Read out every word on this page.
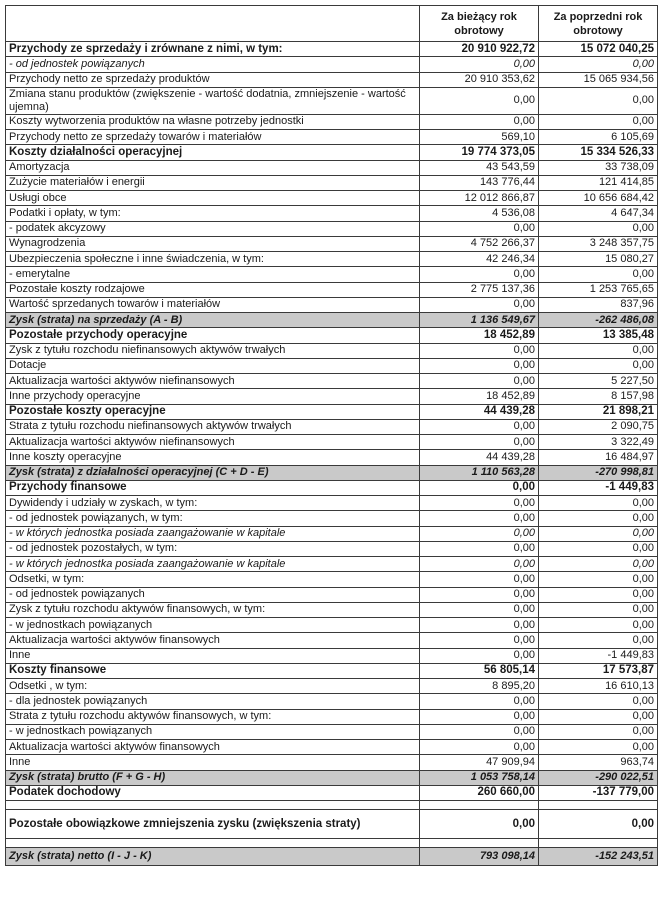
	Za bieżący rok obrotowy	Za poprzedni rok obrotowy
Przychody ze sprzedaży i zrównane z nimi, w tym:	20 910 922,72	15 072 040,25
- od jednostek powiązanych	0,00	0,00
Przychody netto ze sprzedaży produktów	20 910 353,62	15 065 934,56
Zmiana stanu produktów (zwiększenie - wartość dodatnia, zmniejszenie - wartość ujemna)	0,00	0,00
Koszty wytworzenia produktów na własne potrzeby jednostki	0,00	0,00
Przychody netto ze sprzedaży towarów i materiałów	569,10	6 105,69
Koszty działalności operacyjnej	19 774 373,05	15 334 526,33
Amortyzacja	43 543,59	33 738,09
Zużycie materiałów i energii	143 776,44	121 414,85
Usługi obce	12 012 866,87	10 656 684,42
Podatki i opłaty, w tym:	4 536,08	4 647,34
- podatek akcyzowy	0,00	0,00
Wynagrodzenia	4 752 266,37	3 248 357,75
Ubezpieczenia społeczne i inne świadczenia, w tym:	42 246,34	15 080,27
- emerytalne	0,00	0,00
Pozostałe koszty rodzajowe	2 775 137,36	1 253 765,65
Wartość sprzedanych towarów i materiałów	0,00	837,96
Zysk (strata) na sprzedaży (A - B)	1 136 549,67	-262 486,08
Pozostałe przychody operacyjne	18 452,89	13 385,48
Zysk z tytułu rozchodu niefinansowych aktywów trwałych	0,00	0,00
Dotacje	0,00	0,00
Aktualizacja wartości aktywów niefinansowych	0,00	5 227,50
Inne przychody operacyjne	18 452,89	8 157,98
Pozostałe koszty operacyjne	44 439,28	21 898,21
Strata z tytułu rozchodu niefinansowych aktywów trwałych	0,00	2 090,75
Aktualizacja wartości aktywów niefinansowych	0,00	3 322,49
Inne koszty operacyjne	44 439,28	16 484,97
Zysk (strata) z działalności operacyjnej (C + D - E)	1 110 563,28	-270 998,81
Przychody finansowe	0,00	-1 449,83
Dywidendy i udziały w zyskach, w tym:	0,00	0,00
- od jednostek powiązanych, w tym:	0,00	0,00
- w których jednostka posiada zaangażowanie w kapitale	0,00	0,00
- od jednostek pozostałych, w tym:	0,00	0,00
- w których jednostka posiada zaangażowanie w kapitale	0,00	0,00
Odsetki, w tym:	0,00	0,00
- od jednostek powiązanych	0,00	0,00
Zysk z tytułu rozchodu aktywów finansowych, w tym:	0,00	0,00
- w jednostkach powiązanych	0,00	0,00
Aktualizacja wartości aktywów finansowych	0,00	0,00
Inne	0,00	-1 449,83
Koszty finansowe	56 805,14	17 573,87
Odsetki , w tym:	8 895,20	16 610,13
- dla jednostek powiązanych	0,00	0,00
Strata z tytułu rozchodu aktywów finansowych, w tym:	0,00	0,00
- w jednostkach powiązanych	0,00	0,00
Aktualizacja wartości aktywów finansowych	0,00	0,00
Inne	47 909,94	963,74
Zysk (strata) brutto (F + G - H)	1 053 758,14	-290 022,51
Podatek dochodowy	260 660,00	-137 779,00

Pozostałe obowiązkowe zmniejszenia zysku (zwiększenia straty)	0,00	0,00

Zysk (strata) netto (I - J - K)	793 098,14	-152 243,51
